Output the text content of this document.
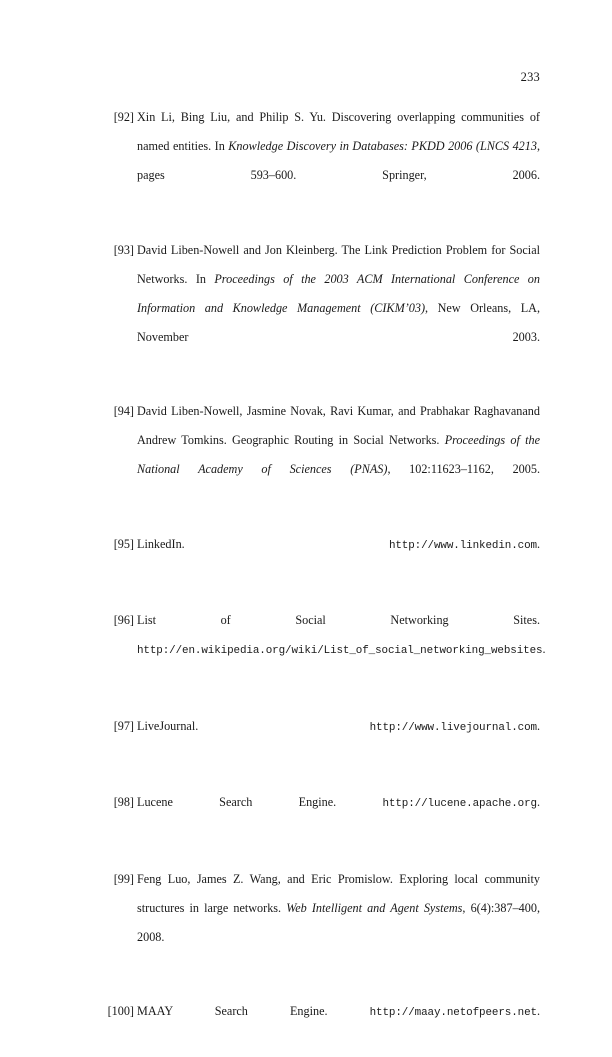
233
[92] Xin Li, Bing Liu, and Philip S. Yu. Discovering overlapping communities of named entities. In Knowledge Discovery in Databases: PKDD 2006 (LNCS 4213, pages 593–600. Springer, 2006.
[93] David Liben-Nowell and Jon Kleinberg. The Link Prediction Problem for Social Networks. In Proceedings of the 2003 ACM International Conference on Information and Knowledge Management (CIKM’03), New Orleans, LA, November 2003.
[94] David Liben-Nowell, Jasmine Novak, Ravi Kumar, and Prabhakar Raghavanand Andrew Tomkins. Geographic Routing in Social Networks. Proceedings of the National Academy of Sciences (PNAS), 102:11623–1162, 2005.
[95] LinkedIn. http://www.linkedin.com.
[96] List of Social Networking Sites. http://en.wikipedia.org/wiki/List_of_social_networking_websites.
[97] LiveJournal. http://www.livejournal.com.
[98] Lucene Search Engine. http://lucene.apache.org.
[99] Feng Luo, James Z. Wang, and Eric Promislow. Exploring local community structures in large networks. Web Intelligent and Agent Systems, 6(4):387–400, 2008.
[100] MAAY Search Engine. http://maay.netofpeers.net.
